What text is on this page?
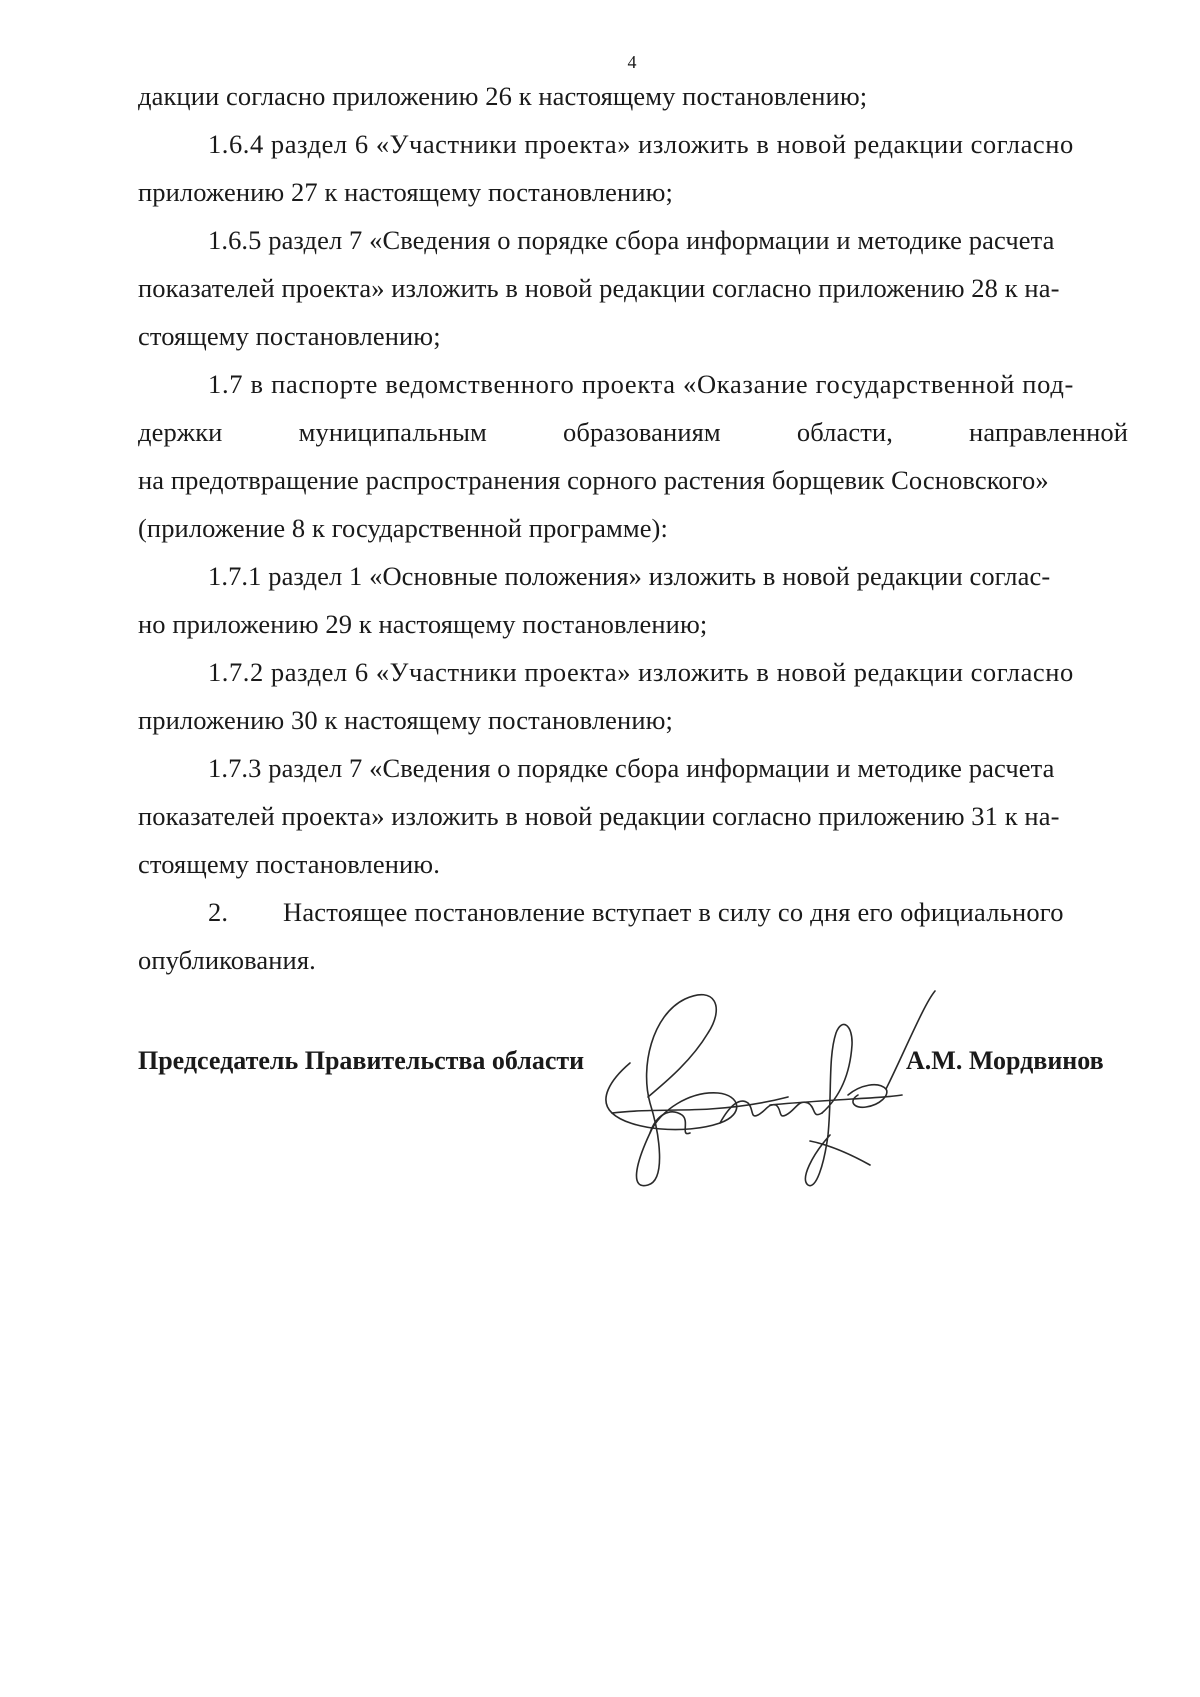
4
дакции согласно приложению 26 к настоящему постановлению;
1.6.4 раздел 6 «Участники проекта» изложить в новой редакции согласно
приложению 27 к настоящему постановлению;
1.6.5 раздел 7 «Сведения о порядке сбора информации и методике расчета
показателей проекта» изложить в новой редакции согласно приложению 28 к на-
стоящему постановлению;
1.7 в паспорте ведомственного проекта «Оказание государственной под-
держки	муниципальным	образованиям	области,	направленной
на предотвращение распространения сорного растения борщевик Сосновского»
(приложение 8 к государственной программе):
1.7.1 раздел 1 «Основные положения» изложить в новой редакции соглас-
но приложению 29 к настоящему постановлению;
1.7.2 раздел 6 «Участники проекта» изложить в новой редакции согласно
приложению 30 к настоящему постановлению;
1.7.3 раздел 7 «Сведения о порядке сбора информации и методике расчета
показателей проекта» изложить в новой редакции согласно приложению 31 к на-
стоящему постановлению.
2. Настоящее постановление вступает в силу со дня его официального
опубликования.
Председатель Правительства области	А.М. Мордвинов
